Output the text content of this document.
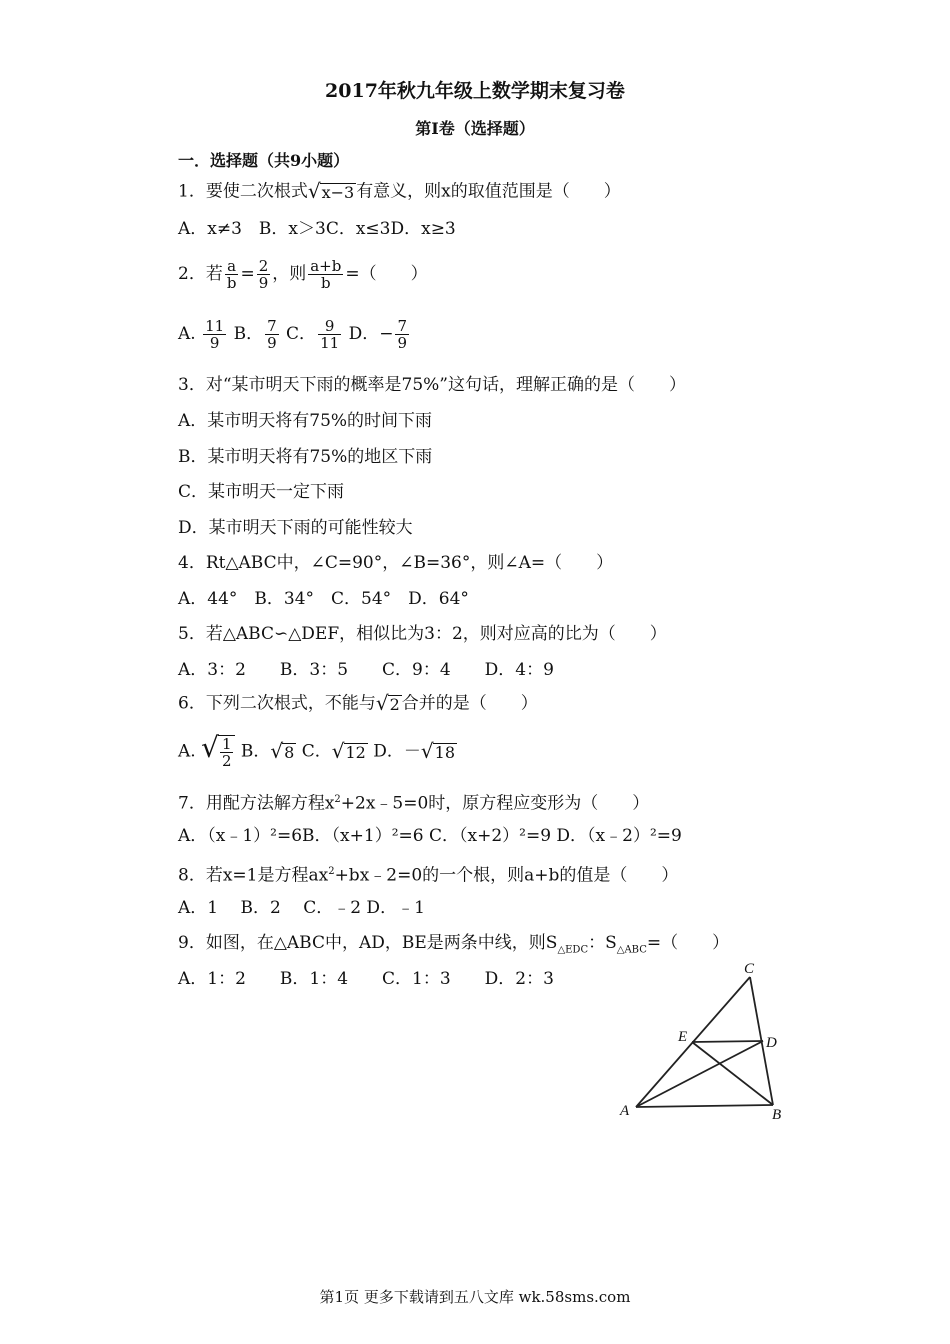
2017年秋九年级上数学期末复习卷
第Ⅰ卷（选择题）
一．选择题（共9小题）
1．要使二次根式√x−3 有意义，则x的取值范围是（　　）
A．x≠3　B．x＞3C．x≤3D．x≥3
2．若 $\frac{a}{b} = \frac{2}{9}$ ，则 $\frac{a+b}{b}$ =（　　）
A. $\frac{11}{9}$ B． $\frac{7}{9}$ C． $\frac{9}{11}$ D．− $\frac{7}{9}$
3．对“某市明天下雨的概率是75%”这句话，理解正确的是（　　）
A．某市明天将有75%的时间下雨
B．某市明天将有75%的地区下雨
C．某市明天一定下雨
D．某市明天下雨的可能性较大
4．Rt△ABC中，∠C=90°，∠B=36°，则∠A=（　　）
A．44°　B．34°　C．54°　D．64°
5．若△ABC∽△DEF，相似比为3：2，则对应高的比为（　　）
A．3：2　　B．3：5　　C．9：4　　D．4：9
6．下列二次根式，不能与√2 合并的是（　　）
A. √ $\frac{1}{2}$ B．√8 C．√12 D．－√18
7．用配方法解方程$x^2+2x﹣5=0$时，原方程应变形为（　　）
A．（x﹣1）²=6B．（x+1）²=6 C．（x+2）²=9 D．（x﹣2）²=9
8．若x=1是方程$ax^2+bx﹣2=0$的一个根，则a+b的值是（　　）
A．1　 B．2　 C．﹣2 D．﹣1
9．如图，在△ABC中，AD，BE是两条中线，则$S_{\triangle EDC}$：$S_{\triangle ABC}=$（　　）
A．1：2　　B．1：4　　C．1：3　　D．2：3	C
E	D
A	B
第1页 更多下载请到五八文库 wk.58sms.com
